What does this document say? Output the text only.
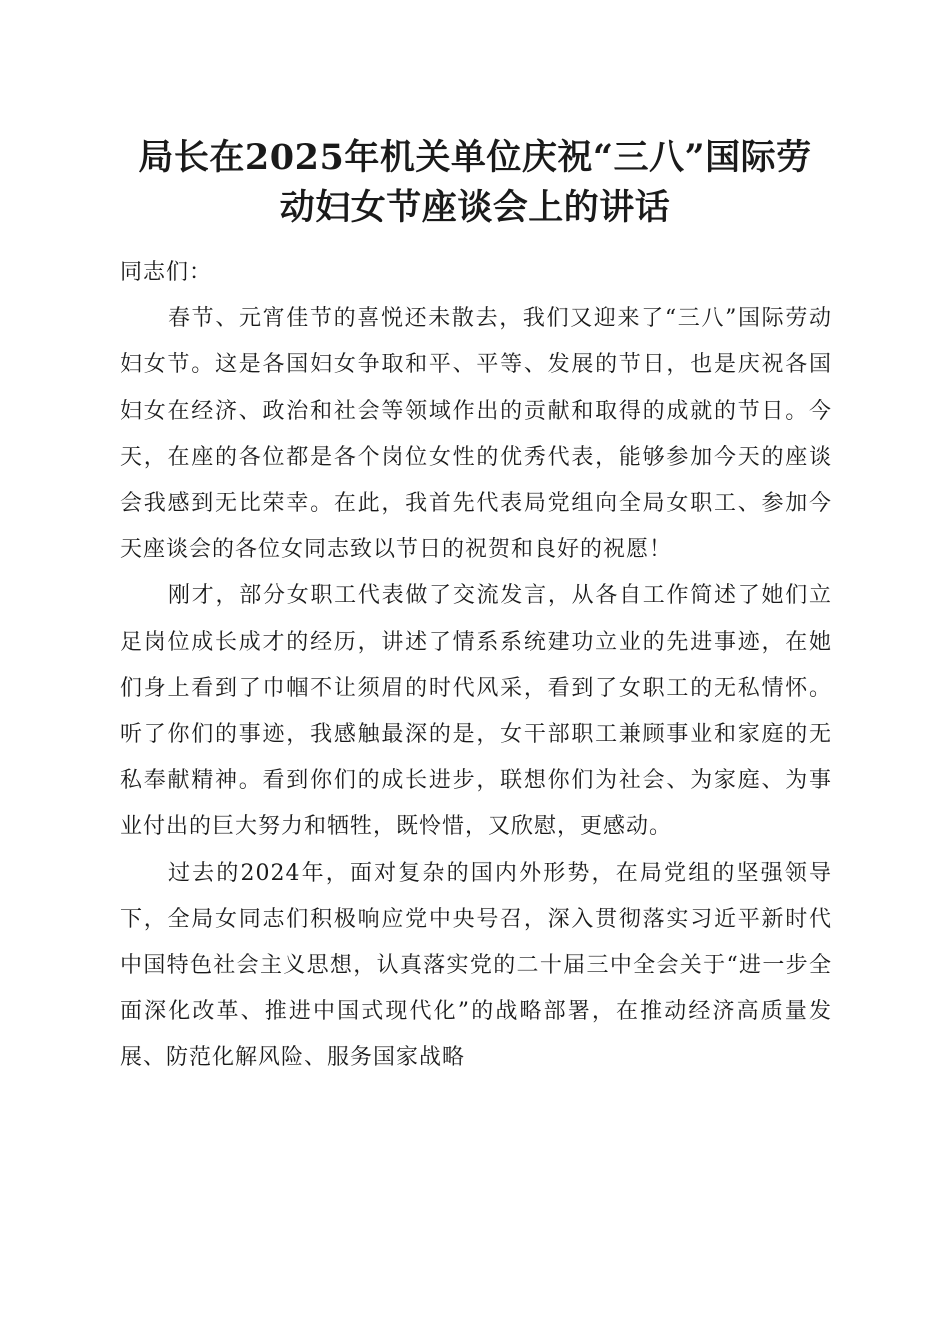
局长在2025年机关单位庆祝“三八”国际劳
动妇女节座谈会上的讲话

同志们：

春节、元宵佳节的喜悦还未散去，我们又迎来了“三八”国际劳动妇女节。这是各国妇女争取和平、平等、发展的节日，也是庆祝各国妇女在经济、政治和社会等领域作出的贡献和取得的成就的节日。今天，在座的各位都是各个岗位女性的优秀代表，能够参加今天的座谈会我感到无比荣幸。在此，我首先代表局党组向全局女职工、参加今天座谈会的各位女同志致以节日的祝贺和良好的祝愿！

刚才，部分女职工代表做了交流发言，从各自工作简述了她们立足岗位成长成才的经历，讲述了情系系统建功立业的先进事迹，在她们身上看到了巾帼不让须眉的时代风采，看到了女职工的无私情怀。听了你们的事迹，我感触最深的是，女干部职工兼顾事业和家庭的无私奉献精神。看到你们的成长进步，联想你们为社会、为家庭、为事业付出的巨大努力和牺牲，既怜惜，又欣慰，更感动。

过去的2024年，面对复杂的国内外形势，在局党组的坚强领导下，全局女同志们积极响应党中央号召，深入贯彻落实习近平新时代中国特色社会主义思想，认真落实党的二十届三中全会关于“进一步全面深化改革、推进中国式现代化”的战略部署，在推动经济高质量发展、防范化解风险、服务国家战略
